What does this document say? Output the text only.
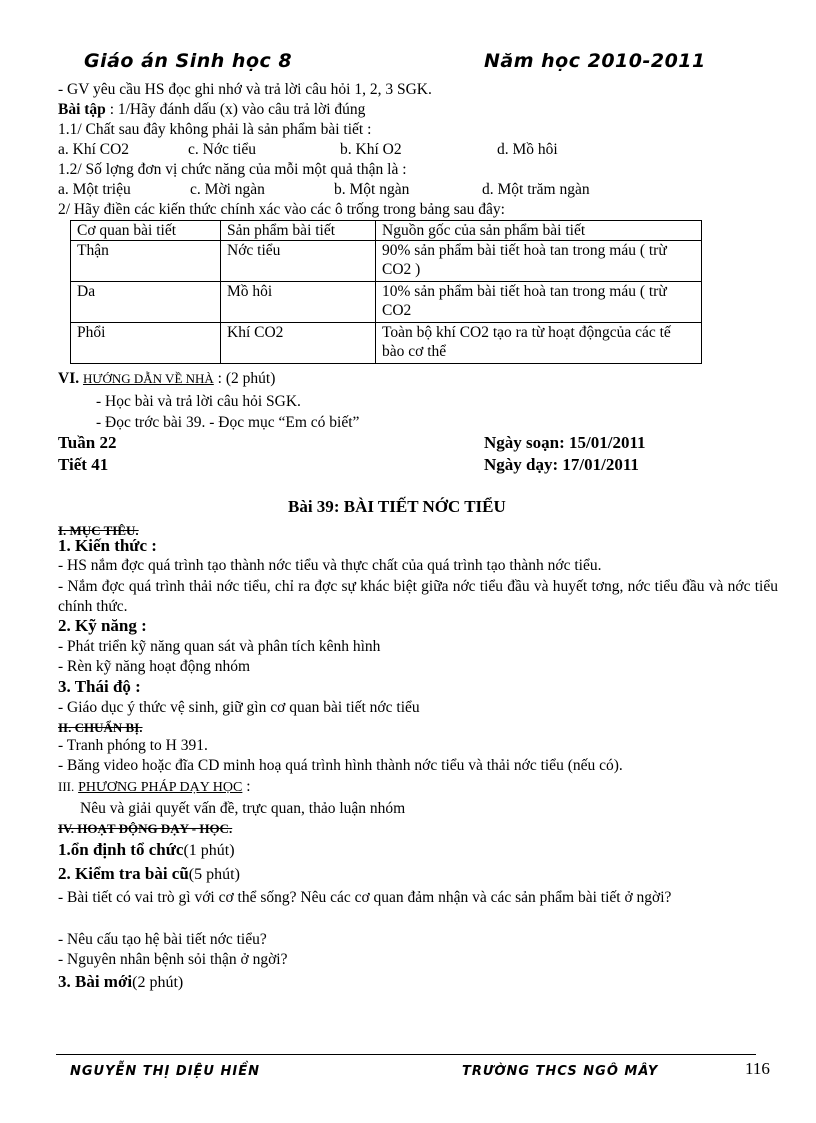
Giáo án Sinh học 8	Năm học 2010-2011
- GV yêu cầu HS đọc ghi nhớ và trả lời câu hỏi 1, 2, 3 SGK.
Bài tập : 1/Hãy đánh dấu (x) vào câu trả lời đúng
1.1/ Chất sau đây không phải là sản phẩm bài tiết :
a. Khí CO2	c. Nớc tiểu	b. Khí O2	d. Mồ hôi
1.2/ Số lợng đơn vị chức năng của mỗi một quả thận là :
a. Một triệu	c. Mời ngàn	b. Một ngàn	d. Một trăm ngàn
2/ Hãy điền các kiến thức chính xác vào các ô trống trong bảng sau đây:
Cơ quan bài tiết	Sản phẩm bài tiết	Nguồn gốc của sản phẩm bài tiết
Thận	Nớc tiểu	90% sản phẩm bài tiết hoà tan trong máu ( trừ CO2 )
Da	Mồ hôi	10% sản phẩm bài tiết hoà tan trong máu ( trừ CO2
Phổi	Khí CO2	Toàn bộ khí CO2 tạo ra từ hoạt độngcủa các tế bào cơ thể
VI. HƯỚNG DẪN VỀ NHÀ : (2 phút)
- Học bài và trả lời câu hỏi SGK.
- Đọc trớc bài 39. - Đọc mục “Em có biết”
Tuần 22
Tiết 41
Ngày soạn: 15/01/2011
Ngày dạy: 17/01/2011
Bài 39: BÀI TIẾT NỚC TIỂU
I. MỤC TIÊU.
1. Kiến thức :
- HS nắm đợc quá trình tạo thành nớc tiểu và thực chất của quá trình tạo thành nớc tiểu.
- Nắm đợc quá trình thải nớc tiểu, chỉ ra đợc sự khác biệt giữa nớc tiểu đầu và huyết tơng, nớc tiểu đầu và nớc tiểu chính thức.
2. Kỹ năng :
- Phát triển kỹ năng quan sát và phân tích kênh hình
- Rèn kỹ năng hoạt động nhóm
3. Thái độ :
- Giáo dục ý thức vệ sinh, giữ gìn cơ quan bài tiết nớc tiểu
II. CHUẨN BỊ.
- Tranh phóng to H 391.
- Băng video hoặc đĩa CD minh hoạ quá trình hình thành nớc tiểu và thải nớc tiểu (nếu có).
III. PHƯƠNG PHÁP DẠY HỌC :
Nêu và giải quyết vấn đề, trực quan, thảo luận nhóm
IV. HOẠT ĐỘNG DẠY - HỌC.
1.ổn định tổ chức(1 phút)
2. Kiểm tra bài cũ(5 phút)
- Bài tiết có vai trò gì với cơ thể sống? Nêu các cơ quan đảm nhận và các sản phẩm bài tiết ở ngời?
- Nêu cấu tạo hệ bài tiết nớc tiểu?
- Nguyên nhân bệnh sỏi thận ở ngời?
3. Bài mới(2 phút)
NGUYỄN THỊ DIỆU HIỀN	TRƯỜNG THCS NGÔ MÂY	116
